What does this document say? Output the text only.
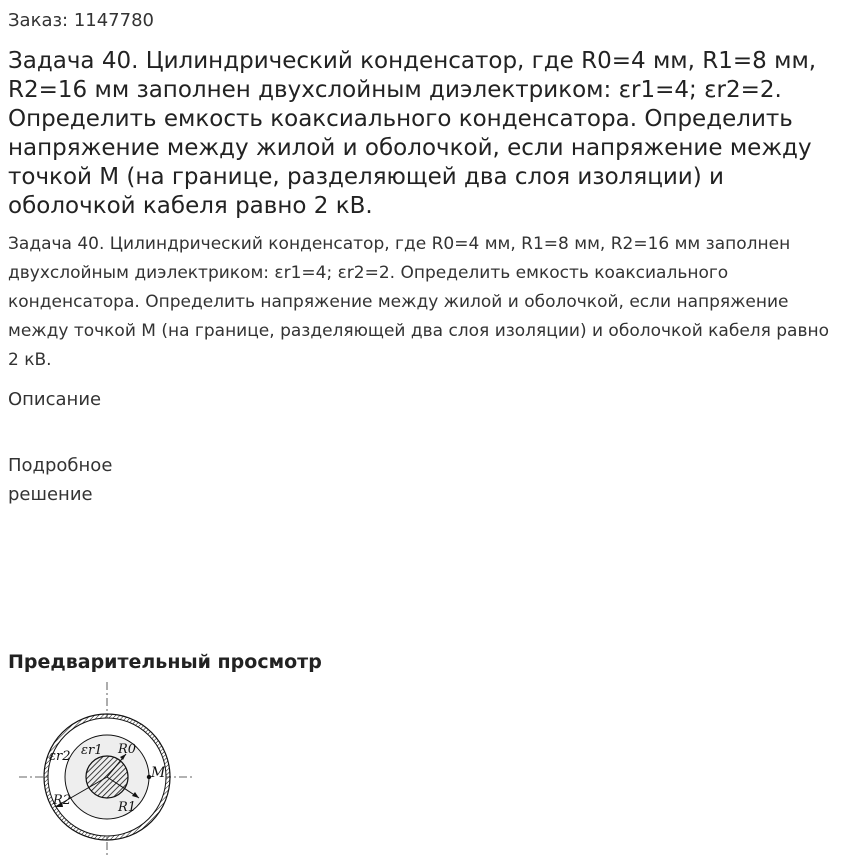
Заказ: 1147780
Задача 40. Цилиндрический конденсатор, где R0=4 мм, R1=8 мм, R2=16 мм заполнен двухслойным диэлектриком: εr1=4; εr2=2. Определить емкость коаксиального конденсатора. Определить напряжение между жилой и оболочкой, если напряжение между точкой M (на границе, разделяющей два слоя изоляции) и оболочкой кабеля равно 2 кВ.

Задача 40. Цилиндрический конденсатор, где R0=4 мм, R1=8 мм, R2=16 мм заполнен двухслойным диэлектриком: εr1=4; εr2=2. Определить емкость коаксиального конденсатора. Определить напряжение между жилой и оболочкой, если напряжение между точкой М (на границе, разделяющей два слоя изоляции) и оболочкой кабеля равно 2 кВ.

Описание
Подробное решение
Предварительный просмотр
εr2 εr1 R0
M
R1
R2
